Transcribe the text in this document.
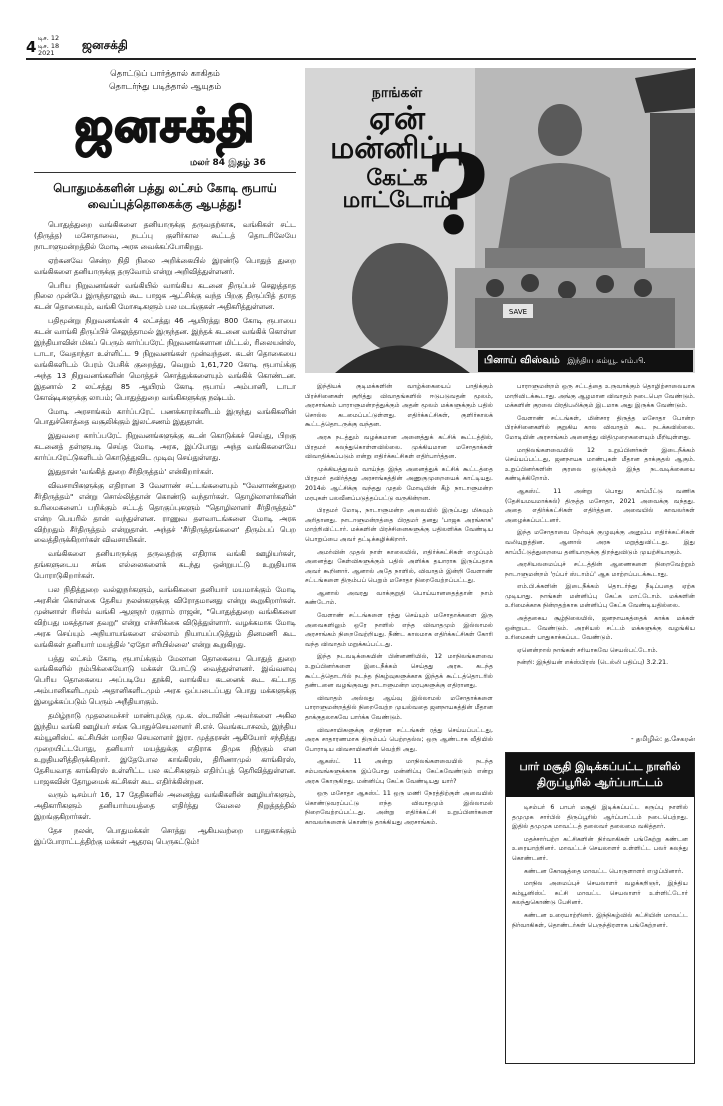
4 டிச. 12
டிச. 18
2021
ஜனசக்தி
தொட்டுப் பார்த்தால் காகிதம்
தொடர்ந்து படித்தால் ஆயுதம்
ஜனசக்தி
மலர் 84 இதழ் 36
பொதுமக்களின் பத்து லட்சம் கோடி ரூபாய் வைப்புத்தொகைக்கு ஆபத்து!

பொதுத்துறை வங்கிகளை தனியாருக்கு தருவதற்காக, வங்கிகள் சட்ட (திருத்த) மசோதாவை, நடப்பு குளிர்கால கூட்டத் தொடரிலேயே நாடாளுமன்றத்தில் மோடி அரசு வைக்கப்போகிறது.

ஏற்கனவே சென்ற நிதி நிலை அறிக்கையில் இரண்டு பொதுத் துறை வங்கிகளை தனியாருக்கு தருவோம் என்று அறிவித்துள்ளனர்.

பெரிய நிறுவனங்கள் வங்கியில் வாங்கிய கடனை திருப்பச் செலுத்தாத நிலை முன்பே இருந்தாலும் கூட பாஜக ஆட்சிக்கு வந்த பிறகு திருப்பித் தராத கடன் தொகையும், வங்கி மோசடிகளும் பல மடங்குகள் அதிகரித்துள்ளன.

பதிமூன்று நிறுவனங்கள் 4 லட்சத்து 46 ஆயிரத்து 800 கோடி ரூபாயை கடன் வாங்கி திருப்பிச் செலுத்தாமல் இருந்தன. இந்தக் கடனை வங்கிக் கொள்ள இந்தியாவின் மிகப் பெரும் கார்ப்பரேட் நிறுவனங்களான மிட்டல், ரிலையன்ஸ், டாடா, வேதாந்தா உள்ளிட்ட 9 நிறுவனங்கள் முன்வந்தன. கடன் தொகையை வங்கிகளிடம் பேரம் பேசிக் குறைத்து, வெறும் 1,61,720 கோடி ரூபாய்க்கு அந்த 13 நிறுவனங்களின் மொத்தச் சொத்துக்களையும் வங்கிக் கொண்டன. இதனால் 2 லட்சத்து 85 ஆயிரம் கோடி ரூபாய் அம்பானி, டாடா கோஷ்டிகளுக்கு லாபம்; பொதுத்துறை வங்கிகளுக்கு நஷ்டம்.

மோடி அரசாங்கம் கார்ப்பரேட் பணக்காரர்களிடம் இருந்து வங்கிகளின் பொதுச்சொத்தை வசூலிக்கும் இலட்சணம் இதுதான்.

இதுவரை கார்ப்பரேட் நிறுவனங்களுக்கு கடன் கொடுக்கச் செய்து, பிறகு கடனைத் தள்ளுபடி செய்த மோடி அரசு, இப்போது அந்த வங்கிகளையே கார்ப்பரேட்டுகளிடம் கொடுத்துவிட முடிவு செய்துள்ளது.

இதுதான் 'வங்கித் துறை சீர்திருத்தம்' என்கிறார்கள்.

விவசாயிகளுக்கு எதிரான 3 வேளாண் சட்டங்களையும் "வேளாண்துறை சீர்திருத்தம்" என்று சொல்லித்தான் கொண்டு வந்தார்கள். தொழிலாளர்களின் உரிமைகளைப் பறிக்கும் சட்டத் தொகுப்புகளும் "தொழிலாளர் சீர்திருத்தம்" என்ற பெயரில் தான் வந்துள்ளன. ராணுவ தளவாடங்களை மோடி அரசு விற்றதும் சீர்திருத்தம் என்றுதான். அந்தச் 'சீர்திருத்தங்களை' திரும்பப் பெற வைத்திருக்கிறார்கள் விவசாயிகள்.

வங்கிகளை தனியாருக்கு தருவதற்கு எதிராக வங்கி ஊழியர்கள், தங்களுடைய சங்க எல்லைகளைக் கடந்து ஒன்றுபட்டு உறுதியாக போராடுகிறார்கள்.

பல நிதித்துறை வல்லுநர்களும், வங்கிகளை தனியார் மயமாக்கும் மோடி அரசின் கொள்கை தேசிய நலன்களுக்கு விரோதமானது என்று கூறுகிறார்கள். முன்னாள் ரிசர்வ் வங்கி ஆளுநர் ரகுராம் ராஜன், "பொதுத்துறை வங்கிகளை விற்பது மகத்தான தவறு" என்று எச்சரிக்கை விடுத்துள்ளார். வழக்கமாக மோடி அரசு செய்யும் அநியாயங்களை எல்லாம் நியாயப்படுத்தும் தினமணி கூட வங்கிகள் தனியார் மயத்தில் 'ஏதோ சரியில்லை' என்று கூறுகிறது.

பத்து லட்சம் கோடி ரூபாய்க்கும் மேலான தொகையை பொதுத் துறை வங்கிகளில் நம்பிக்கையோடு மக்கள் போட்டு வைத்துள்ளனர். இவ்வளவு பெரிய தொகையை அப்படியே தூக்கி, வாங்கிய கடனைக் கூட கட்டாத அம்பானிகளிடமும் அதானிகளிடமும் அரசு ஒப்படைப்பது பொது மக்களுக்கு இழைக்கப்படும் பெரும் அநீதியாகும்.

தமிழ்நாடு முதலமைச்சர் மாண்புமிகு மு.க. ஸ்டாலின் அவர்களை அகில இந்திய வங்கி ஊழியர் சங்க பொதுச்செயலாளர் சி.எச். வெங்கடாசலம், இந்திய கம்யூனிஸ்ட் கட்சியின் மாநில செயலாளர் இரா. முத்தரசன் ஆகியோர் சந்தித்து முறையிட்டபோது, தனியார் மயத்துக்கு எதிராக திமுக நிற்கும் என உறுதியளித்திருக்கிறார். இதேபோல காங்கிரஸ், திரிணாமுல் காங்கிரஸ், தேசியவாத காங்கிரஸ் உள்ளிட்ட பல கட்சிகளும் எதிர்ப்புத் தெரிவித்துள்ளன. பாஜகவின் தோழமைக் கட்சிகள் கூட எதிர்க்கின்றன.

வரும் டிசம்பர் 16, 17 தேதிகளில் அனைத்து வங்கிகளின் ஊழியர்களும், அதிகாரிகளும் தனியார்மயத்தை எதிர்த்து வேலை நிறுத்தத்தில் இறங்குகிறார்கள்.

தேச நலன், பொதுமக்கள் சொத்து ஆகியவற்றை பாதுகாக்கும் இப்போராட்டத்திற்கு மக்கள் ஆதரவு பெருகட்டும்!

SAVE
?
நாங்கள்
ஏன்
மன்னிப்பு
கேட்க
மாட்டோம்
பினாய் விஸ்வம் இந்திய கம்யூ. எம்.பி.

இந்தியக் குடிமக்களின் வாழ்க்கையைப் பாதிக்கும் பிரச்சினைகள் குறித்து விவாதங்களில் ஈடுபடுவதன் மூலம், அரசாங்கம் பாராளுமன்றத்துக்கும் அதன் மூலம் மக்களுக்கும் பதில் சொல்ல கடமைப்பட்டுள்ளது. எதிர்க்கட்சிகள், குளிர்காலக் கூட்டத்தொடருக்கு வந்தன.

அரசு நடத்தும் வழக்கமான அனைத்துக் கட்சிக் கூட்டத்தில், பிரதமர் கலந்துகொள்ளவில்லை. முக்கியமான மசோதாக்கள் விவாதிக்கப்படும் என்று எதிர்க்கட்சிகள் எதிர்பார்த்தன.

முக்கியத்துவம் வாய்ந்த இந்த அனைத்துக் கட்சிக் கூட்டத்தை பிரதமர் தவிர்த்தது அரசாங்கத்தின் அணுகுமுறையைக் காட்டியது. 2014ல் ஆட்சிக்கு வந்தது முதல் மோடியின் கீழ் நாடாளுமன்ற மரபுகள் பலவீனப்படுத்தப்பட்டு வருகின்றன.

பிரதமர் மோடி, நாடாளுமன்ற அவையில் இருப்பது மிகவும் அரிதானது. நாடாளுமன்றத்தை பிரதமர் தனது 'பாஜக அரங்காக' மாற்றிவிட்டார். மக்களின் பிரச்சினைகளுக்கு பதிலளிக்க வேண்டிய பொறுப்பை அவர் தட்டிக்கழிக்கிறார்.

அமர்வின் முதல் நாள் காலையில், எதிர்க்கட்சிகள் எழுப்பும் அனைத்து கேள்விகளுக்கும் பதில் அளிக்க தயாராக இருப்பதாக அவர் கூறினார். ஆனால் அதே நாளில், விவாதம் இன்றி வேளாண் சட்டங்களை திரும்பப் பெறும் மசோதா நிறைவேற்றப்பட்டது.

ஆனால் அவரது வாக்குறுதி பொய்யானதைத்தான் நாம் கண்டோம்.

வேளாண் சட்டங்களை ரத்து செய்யும் மசோதாக்களை இரு அவைகளிலும் ஒரே நாளில் எந்த விவாதமும் இல்லாமல் அரசாங்கம் நிறைவேற்றியது. நீண்ட காலமாக எதிர்க்கட்சிகள் கோரி வந்த விவாதம் மறுக்கப்பட்டது.

இந்த நடவடிக்கையின் பின்னணியில், 12 மாநிலங்களவை உறுப்பினர்களை இடைநீக்கம் செய்தது அரசு. கடந்த கூட்டத்தொடரில் நடந்த நிகழ்வுகளுக்காக இந்தக் கூட்டத்தொடரில் தண்டனை வழங்குவது நாடாளுமன்ற மரபுகளுக்கு எதிரானது.

விவாதம் அல்லது ஆய்வு இல்லாமல் மசோதாக்களை பாராளுமன்றத்தில் நிறைவேற்ற முயல்வதை ஜனநாயகத்தின் மீதான தாக்குதலாகவே பார்க்க வேண்டும்.

விவசாயிகளுக்கு எதிரான சட்டங்கள் ரத்து செய்யப்பட்டது, அரசு சாதாரணமாக திரும்பப் பெற்றதல்ல; ஒரு ஆண்டாக வீதியில் போராடிய விவசாயிகளின் வெற்றி அது.

ஆகஸ்ட் 11 அன்று மாநிலங்களவையில் நடந்த சம்பவங்களுக்காக இப்போது மன்னிப்பு கேட்கவேண்டும் என்று அரசு கோருகிறது. மன்னிப்பு கேட்க வேண்டியது யார்?

ஒரு மசோதா ஆகஸ்ட் 11 ஒரு மணி நேரத்திற்குள் அவையில் கொண்டுவரப்பட்டு எந்த விவாதமும் இல்லாமல் நிறைவேற்றப்பட்டது. அன்று எதிர்க்கட்சி உறுப்பினர்களை காவலர்களைக் கொண்டு தாக்கியது அரசாங்கம்.

பாராளுமன்றம் ஒரு சட்டத்தை உருவாக்கும் தொழிற்சாலையாக மாறிவிடக்கூடாது. அங்கு ஆழமான விவாதம் நடைபெற வேண்டும். மக்களின் குரலை பிரதிபலிக்கும் இடமாக அது இருக்க வேண்டும்.

வேளாண் சட்டங்கள், மின்சார திருத்த மசோதா போன்ற பிரச்சினைகளில் குறுகிய கால விவாதம் கூட நடக்கவில்லை. மோடியின் அரசாங்கம் அனைத்து விதிமுறைகளையும் மீறியுள்ளது.

மாநிலங்களவையில் 12 உறுப்பினர்கள் இடைநீக்கம் செய்யப்பட்டது, ஜனநாயக மாண்புகள் மீதான தாக்குதல் ஆகும். உறுப்பினர்களின் குரலை ஒடுக்கும் இந்த நடவடிக்கையை கண்டிக்கிறோம்.

ஆகஸ்ட் 11 அன்று பொது காப்பீட்டு வணிக (தேசியமயமாக்கல்) திருத்த மசோதா, 2021 அவைக்கு வந்தது. அதை எதிர்க்கட்சிகள் எதிர்த்தன. அவையில் காவலர்கள் அழைக்கப்பட்டனர்.

இந்த மசோதாவை நேர்வுக் குழுவுக்கு அனுப்ப எதிர்க்கட்சிகள் வலியுறுத்தின. ஆனால் அரசு மறுத்துவிட்டது. இது காப்பீட்டுத்துறையை தனியாருக்கு திறந்துவிடும் முயற்சியாகும்.

அரசியலமைப்புச் சட்டத்தின் ஆணைகளை நிறைவேற்றும் நாடாளுமன்றம் 'ரப்பர் ஸ்டாம்ப்' ஆக மாற்றப்படக்கூடாது.

எம்.பி.க்களின் இடைநீக்கம் தொடர்ந்து நீடிப்பதை ஏற்க முடியாது. நாங்கள் மன்னிப்பு கேட்க மாட்டோம். மக்களின் உரிமைக்காக நின்றதற்காக மன்னிப்பு கேட்க வேண்டியதில்லை.

அத்தகைய சூழ்நிலையில், ஜனநாயகத்தைக் காக்க மக்கள் ஒன்றுபட வேண்டும். அரசியல் சட்டம் மக்களுக்கு வழங்கிய உரிமைகள் பாதுகாக்கப்பட வேண்டும்.

ஏனென்றால் நாங்கள் சரியாகவே செயல்பட்டோம்.

நன்றி: இந்தியன் எக்ஸ்பிரஸ் (டெல்லி பதிப்பு) 3.2.21.

- தமிழில்: த.சேகரன்
பார் மசூதி இடிக்கப்பட்ட நாளில் திருப்பூரில் ஆர்ப்பாட்டம்

டிசம்பர் 6 பாபர் மசூதி இடிக்கப்பட்ட கருப்பு நாளில் தமுமுக சார்பில் திருப்பூரில் ஆர்ப்பாட்டம் நடைபெற்றது. இதில் தமுமுக மாவட்டத் தலைவர் தலைமை வகித்தார்.

மதச்சார்பற்ற கட்சிகளின் நிர்வாகிகள் பங்கேற்று கண்டன உரையாற்றினர். மாவட்டச் செயலாளர் உள்ளிட்ட பலர் கலந்து கொண்டனர்.

கண்டன கோஷத்தை மாவட்ட பொருளாளர் எழுப்பினார்.

மாநில அமைப்புச் செயலாளர் வழக்கறிஞர், இந்திய கம்யூனிஸ்ட் கட்சி மாவட்ட செயலாளர் உள்ளிட்டோர் கலந்துகொண்டு பேசினர்.

கண்டன உரையாற்றினர். இந்நிகழ்வில் கட்சியின் மாவட்ட நிர்வாகிகள், தொண்டர்கள் பெருந்திரளாக பங்கேற்றனர்.
